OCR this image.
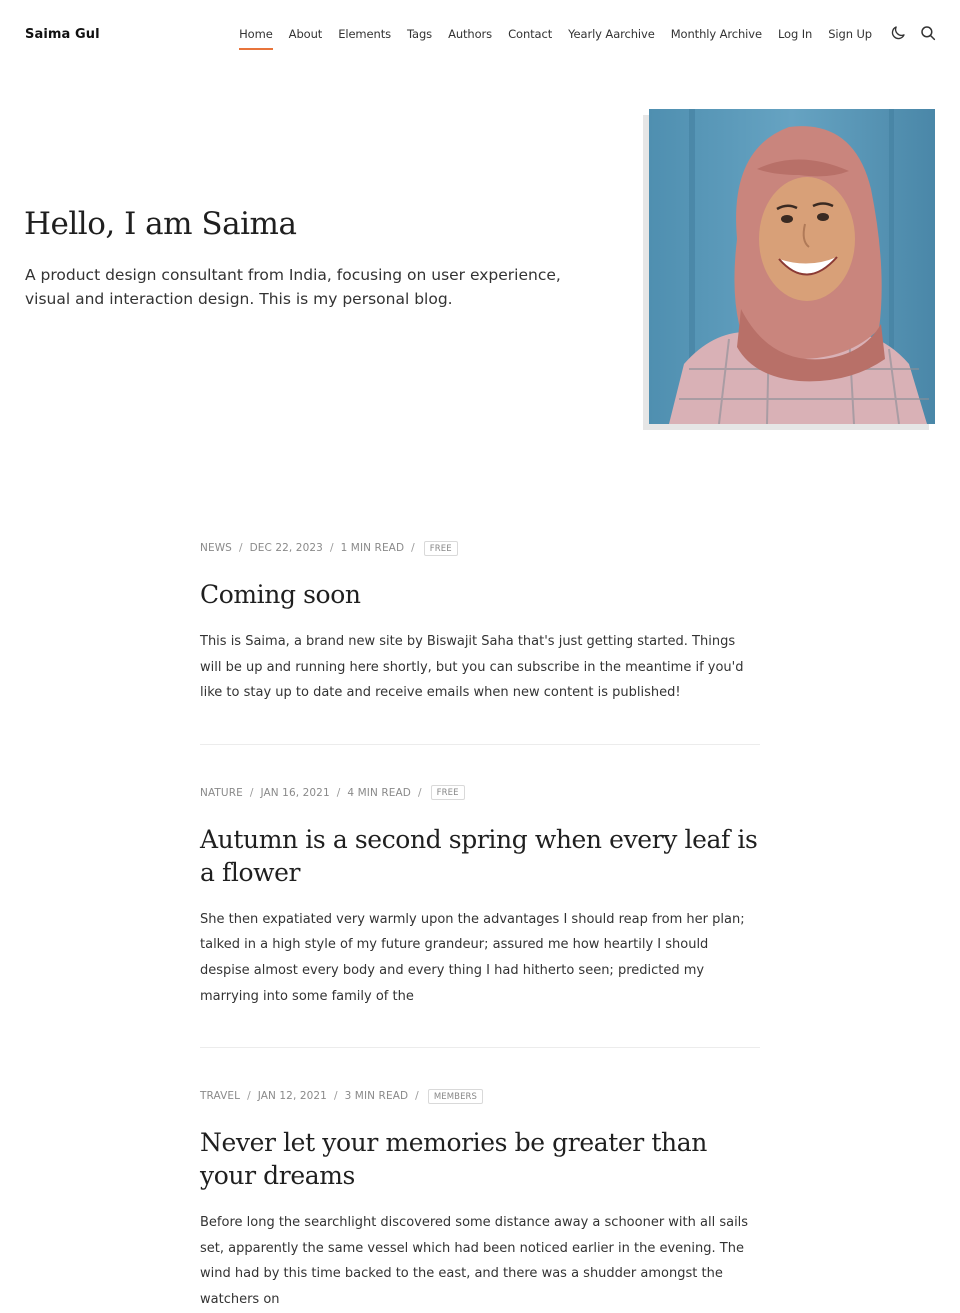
Saima Gul	Home About Elements Tags Authors Contact Yearly Aarchive Monthly Archive Log In Sign Up
Hello, I am Saima

A product design consultant from India, focusing on user experience, visual and interaction design. This is my personal blog.

NEWS / DEC 22, 2023 / 1 MIN READ /	FREE
Coming soon

This is Saima, a brand new site by Biswajit Saha that's just getting started. Things will be up and running here shortly, but you can subscribe in the meantime if you'd like to stay up to date and receive emails when new content is published!

NATURE / JAN 16, 2021 / 4 MIN READ /	FREE
Autumn is a second spring when every leaf is a flower

She then expatiated very warmly upon the advantages I should reap from her plan; talked in a high style of my future grandeur; assured me how heartily I should despise almost every body and every thing I had hitherto seen; predicted my marrying into some family of the

TRAVEL / JAN 12, 2021 / 3 MIN READ /	MEMBERS
Never let your memories be greater than your dreams

Before long the searchlight discovered some distance away a schooner with all sails set, apparently the same vessel which had been noticed earlier in the evening. The wind had by this time backed to the east, and there was a shudder amongst the watchers on
